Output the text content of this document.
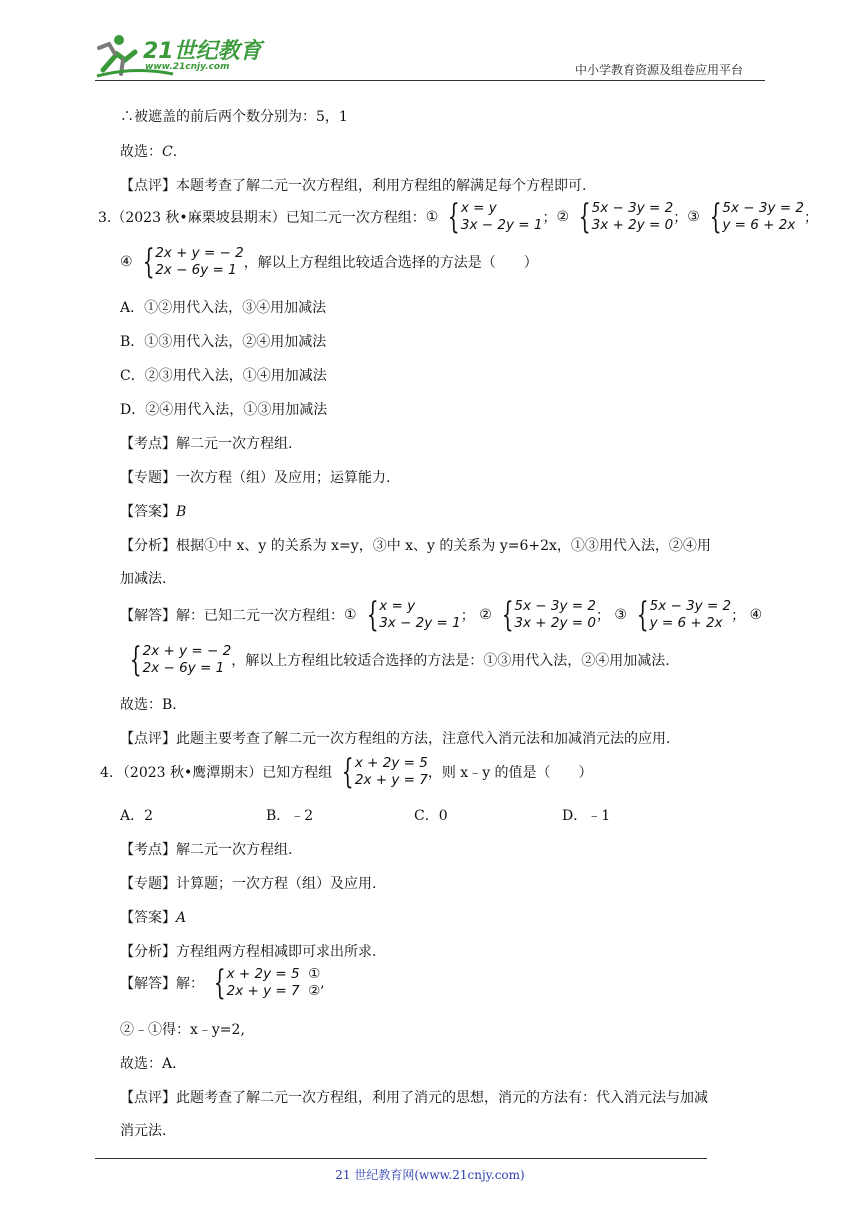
21世纪教育
www.21cnjy.com	中小学教育资源及组卷应用平台
∴被遮盖的前后两个数分别为：5，1
故选：C.
【点评】本题考查了解二元一次方程组，利用方程组的解满足每个方程即可.
3.（2023 秋•麻栗坡县期末）已知二元一次方程组： ① { x = y
3x − 2y = 1 ； ② { 5x − 3y = 2
3x + 2y = 0 ； ③ { 5x − 3y = 2
y = 6 + 2x ；
④ { 2x + y = − 2
2x − 6y = 1 ，解以上方程组比较适合选择的方法是（　　）
A．①②用代入法，③④用加减法
B．①③用代入法，②④用加减法
C．②③用代入法，①④用加减法
D．②④用代入法，①③用加减法
【考点】解二元一次方程组.
【专题】一次方程（组）及应用；运算能力.
【答案】B
【分析】根据①中 x、y 的关系为 x=y，③中 x、y 的关系为 y=6+2x，①③用代入法，②④用
加减法.
【解答】解：已知二元一次方程组： ① { x = y
3x − 2y = 1 ；
② { 5x − 3y = 2
3x + 2y = 0 ；
③ { 5x − 3y = 2
y = 6 + 2x ；
④
{ 2x + y = − 2
2x − 6y = 1 ，解以上方程组比较适合选择的方法是：①③用代入法，②④用加减法.
故选：B.
【点评】此题主要考查了解二元一次方程组的方法，注意代入消元法和加减消元法的应用.
4．（2023 秋•鹰潭期末）已知方程组 { x + 2y = 5
2x + y = 7 ，则 x﹣y 的值是（　　）
A．2	B．﹣2	C．0	D．﹣1
【考点】解二元一次方程组.
【专题】计算题；一次方程（组）及应用.
【答案】A
【分析】方程组两方程相减即可求出所求.
【解答】解： { x + 2y = 5 ①
2x + y = 7 ② ,
②﹣①得：x﹣y=2,
故选：A.
【点评】此题考查了解二元一次方程组，利用了消元的思想，消元的方法有：代入消元法与加减
消元法.
21 世纪教育网(www.21cnjy.com)
